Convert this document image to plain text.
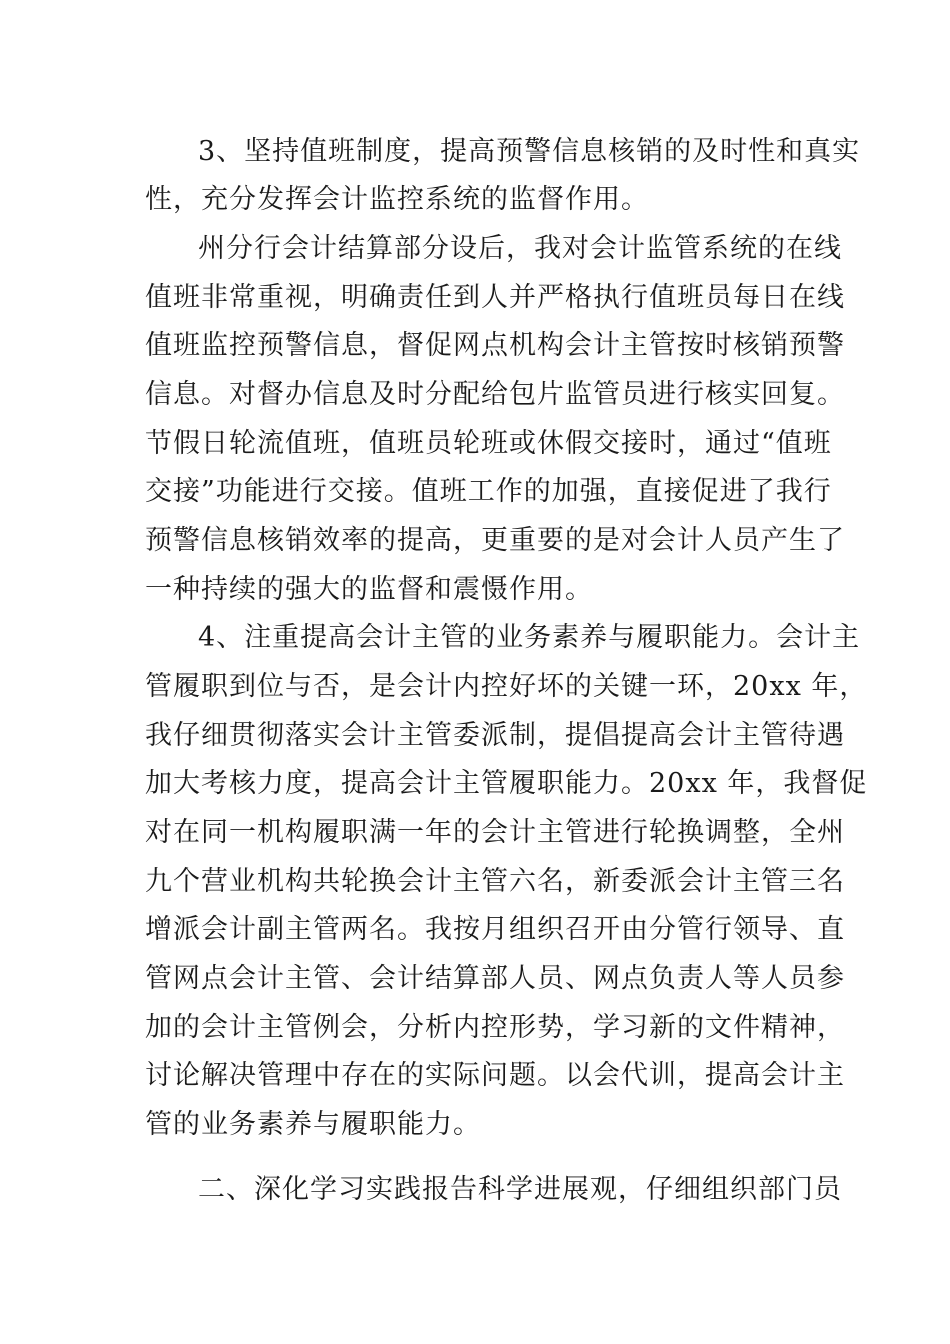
3、坚持值班制度，提高预警信息核销的及时性和真实
性，充分发挥会计监控系统的监督作用。
州分行会计结算部分设后，我对会计监管系统的在线
值班非常重视，明确责任到人并严格执行值班员每日在线
值班监控预警信息，督促网点机构会计主管按时核销预警
信息。对督办信息及时分配给包片监管员进行核实回复。
节假日轮流值班，值班员轮班或休假交接时，通过“值班
交接”功能进行交接。值班工作的加强，直接促进了我行
预警信息核销效率的提高，更重要的是对会计人员产生了
一种持续的强大的监督和震慑作用。
4、注重提高会计主管的业务素养与履职能力。会计主
管履职到位与否，是会计内控好坏的关键一环，20xx 年，
我仔细贯彻落实会计主管委派制，提倡提高会计主管待遇
加大考核力度，提高会计主管履职能力。20xx 年，我督促
对在同一机构履职满一年的会计主管进行轮换调整，全州
九个营业机构共轮换会计主管六名，新委派会计主管三名
增派会计副主管两名。我按月组织召开由分管行领导、直
管网点会计主管、会计结算部人员、网点负责人等人员参
加的会计主管例会，分析内控形势，学习新的文件精神，
讨论解决管理中存在的实际问题。以会代训，提高会计主
管的业务素养与履职能力。
二、深化学习实践报告科学进展观，仔细组织部门员
